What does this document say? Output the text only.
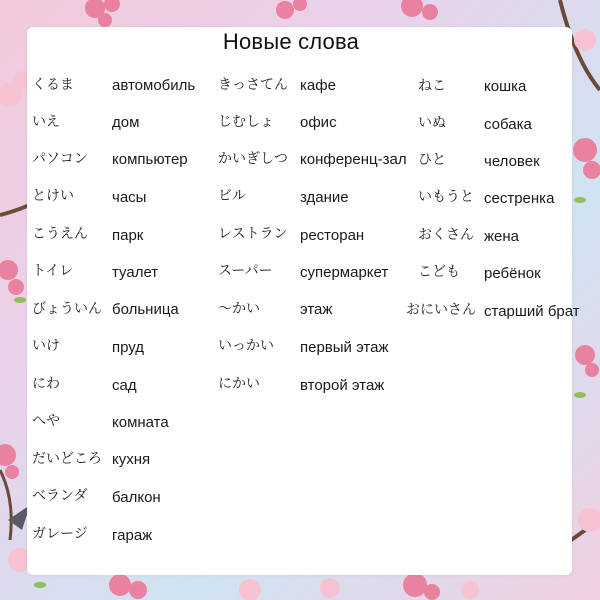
Новые слова
くるま	автомобиль
いえ	дом
パソコン компьютер
とけい	часы
こうえん парк
トイレ	туалет
びょういん больница
いけ	пруд
にわ	сад
へや	комната
だいどころ кухня
ベランダ балкон
ガレージ гараж
きっさてん кафе
じむしょ офис
かいぎしつ конференц-зал
ビル	здание
レストラン ресторан
スーパー супермаркет
〜かい	этаж
いっかい первый этаж
にかい	второй этаж
ねこ	кошка
いぬ	собака
ひと	человек
いもうと сестренка
おくさん жена
こども ребёнок
おにいさん старший брат
